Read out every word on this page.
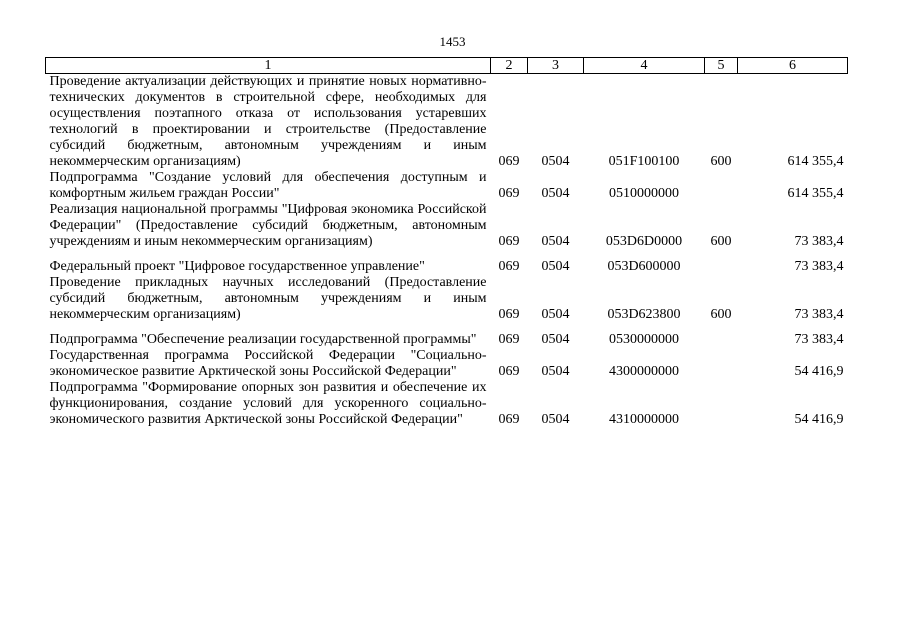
1453
1	2	3	4	5	6
Проведение актуализации действующих и принятие новых нормативно-технических документов в строительной сфере, необходимых для осуществления поэтапного отказа от использования устаревших технологий в проектировании и строительстве (Предоставление субсидий бюджетным, автономным учреждениям и иным некоммерческим организациям)	069	0504	051F100100	600	614 355,4
Подпрограмма "Создание условий для обеспечения доступным и комфортным жильем граждан России"	069	0504	0510000000		614 355,4
Реализация национальной программы "Цифровая экономика Российской Федерации" (Предоставление субсидий бюджетным, автономным учреждениям и иным некоммерческим организациям)	069	0504	053D6D0000	600	73 383,4
Федеральный проект "Цифровое государственное управление"	069	0504	053D600000		73 383,4
Проведение прикладных научных исследований (Предоставление субсидий бюджетным, автономным учреждениям и иным некоммерческим организациям)	069	0504	053D623800	600	73 383,4
Подпрограмма "Обеспечение реализации государственной программы"	069	0504	0530000000		73 383,4
Государственная программа Российской Федерации "Социально-экономическое развитие Арктической зоны Российской Федерации"	069	0504	4300000000		54 416,9
Подпрограмма "Формирование опорных зон развития и обеспечение их функционирования, создание условий для ускоренного социально-экономического развития Арктической зоны Российской Федерации"	069	0504	4310000000		54 416,9
